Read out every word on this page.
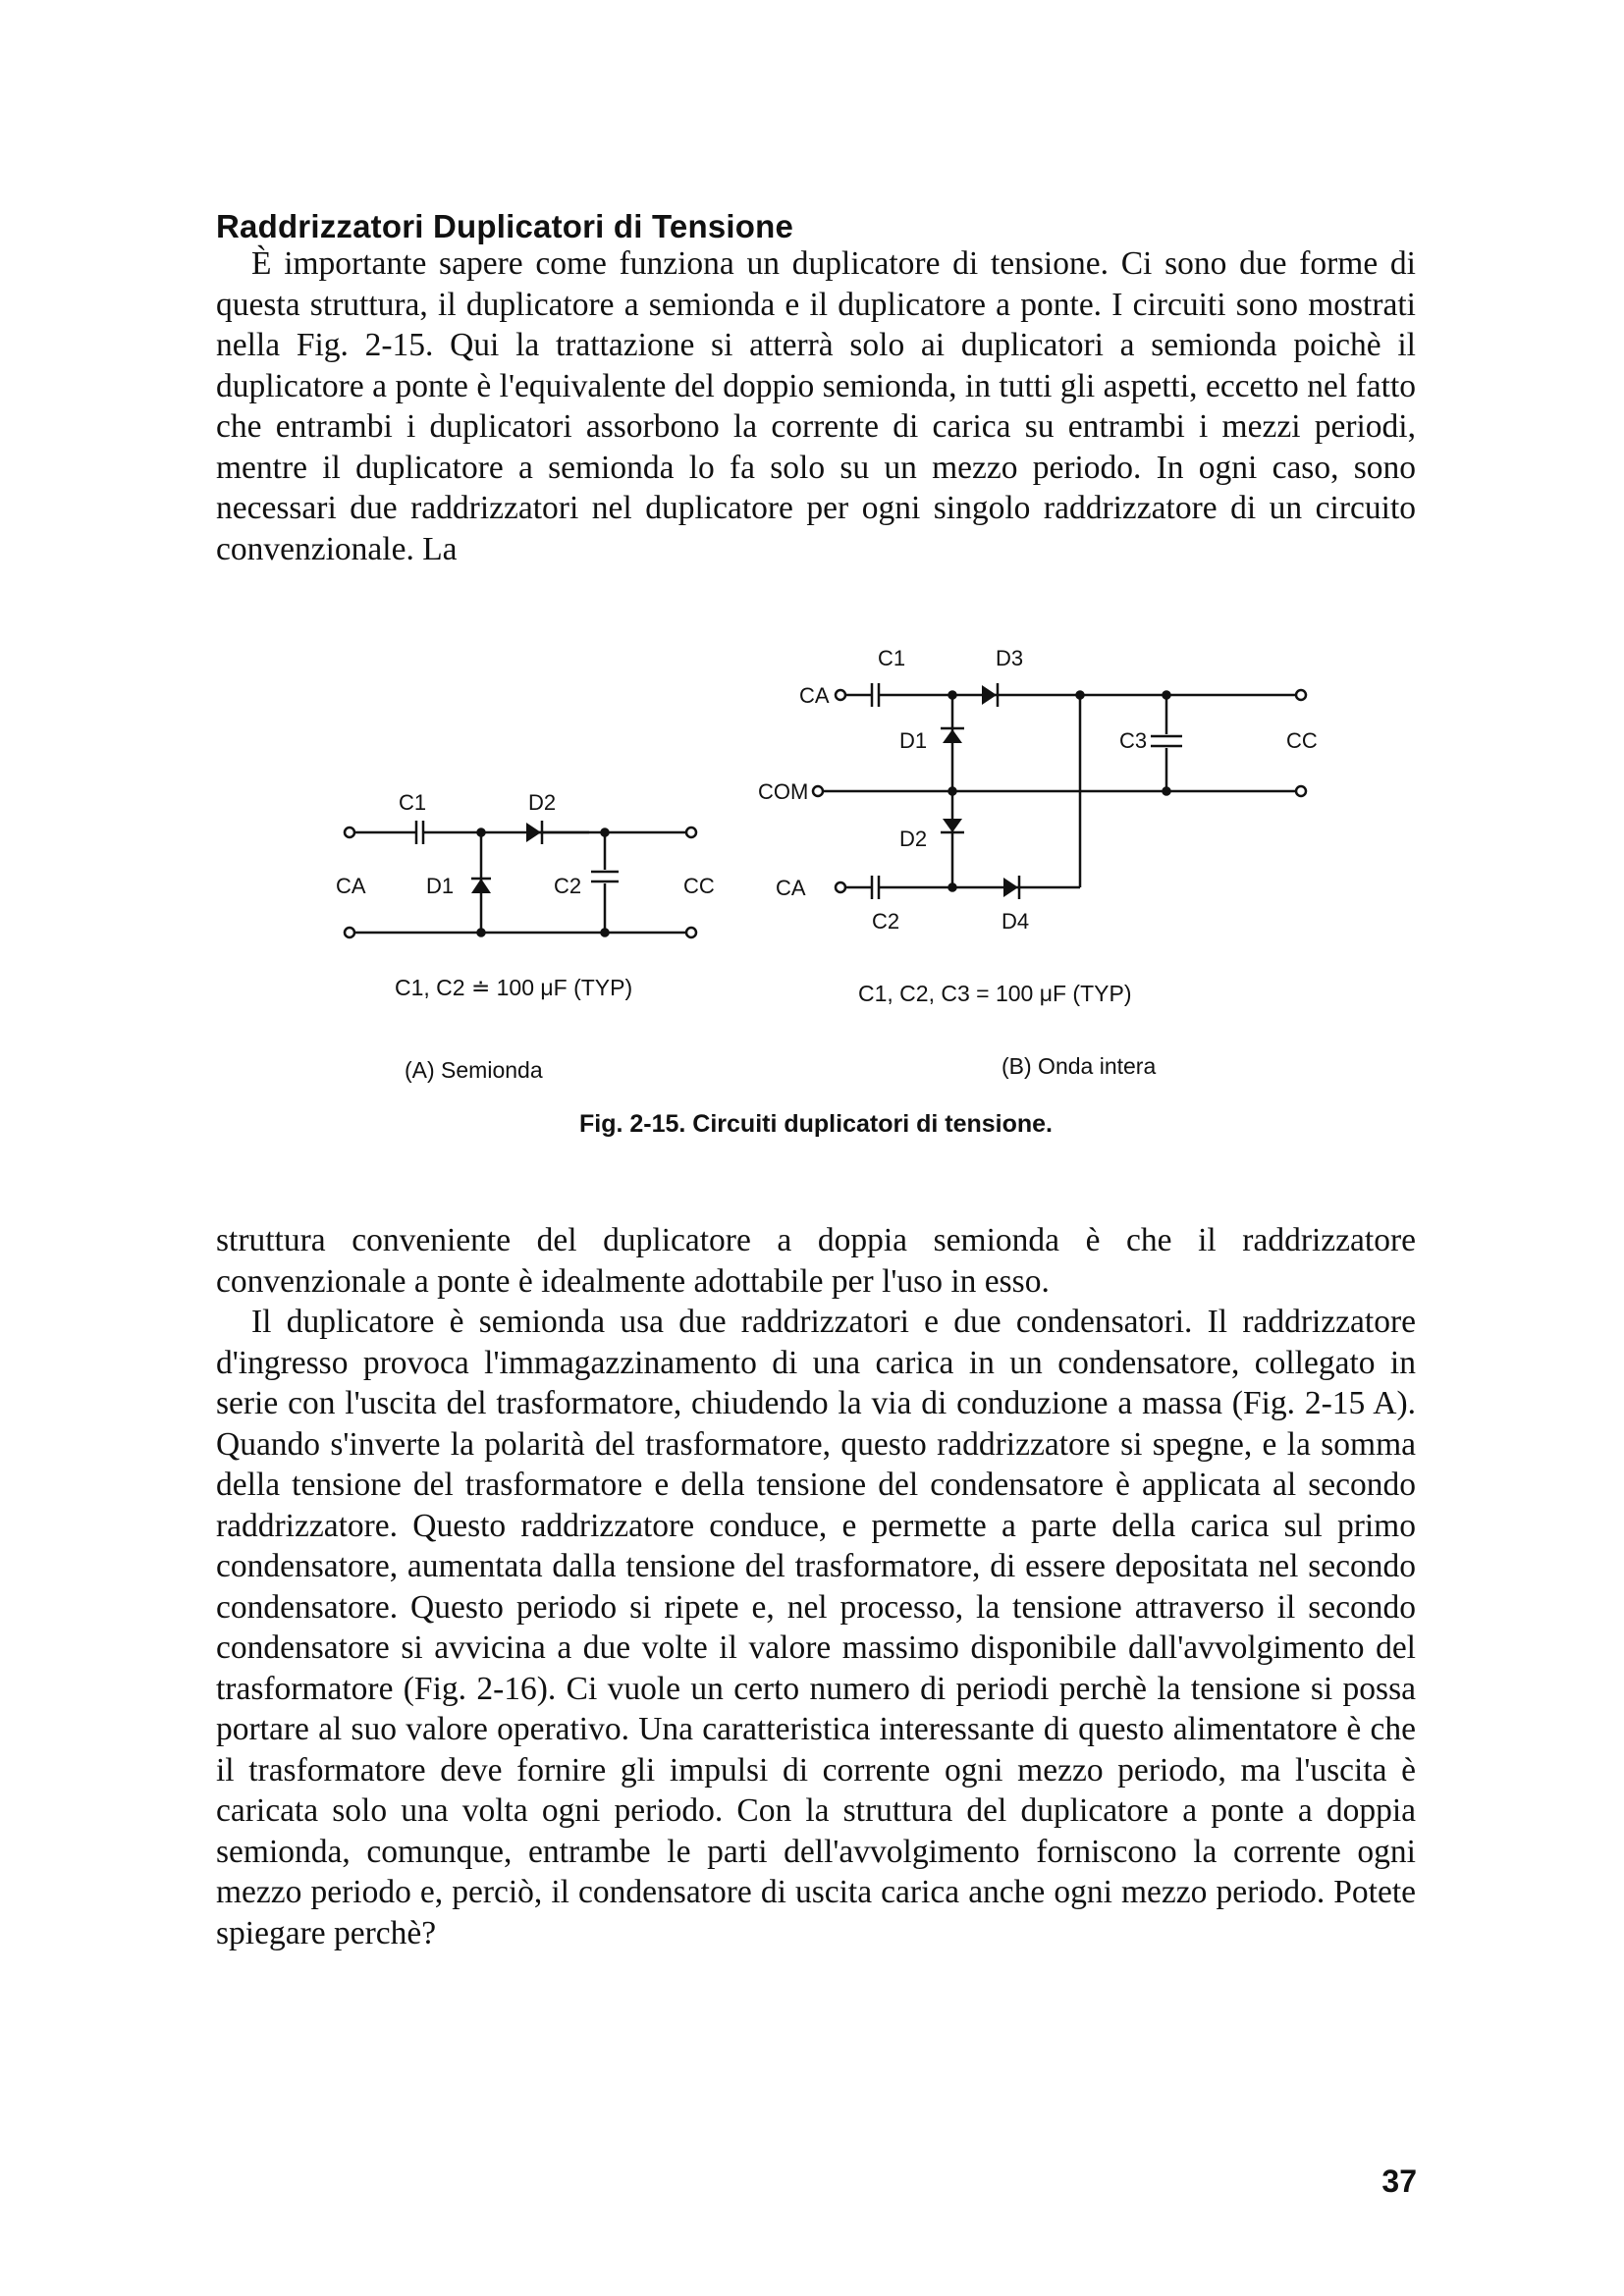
Raddrizzatori Duplicatori di Tensione

È importante sapere come funziona un duplicatore di tensione. Ci sono due forme di questa struttura, il duplicatore a semionda e il duplicatore a ponte. I circuiti sono mostrati nella Fig. 2-15. Qui la trattazione si atterrà solo ai duplicatori a semionda poichè il duplicatore a ponte è l'equivalente del doppio semionda, in tutti gli aspetti, eccetto nel fatto che entrambi i duplicatori assorbono la corrente di carica su entrambi i mezzi periodi, mentre il duplicatore a semionda lo fa solo su un mezzo periodo. In ogni caso, sono necessari due raddrizzatori nel duplicatore per ogni singolo raddrizzatore di un circuito convenzionale. La

C1	D2
CA	D1	C2	CC
C1, C2 ≐ 100 μF (TYP)
(A) Semionda
C1	D3
CA
D1	C3	CC
COM
D2
CA
C2	D4
C1, C2, C3 = 100 μF (TYP)
(B) Onda intera
Fig. 2-15. Circuiti duplicatori di tensione.

struttura conveniente del duplicatore a doppia semionda è che il raddrizzatore convenzionale a ponte è idealmente adottabile per l'uso in esso.

Il duplicatore è semionda usa due raddrizzatori e due condensatori. Il raddrizzatore d'ingresso provoca l'immagazzinamento di una carica in un condensatore, collegato in serie con l'uscita del trasformatore, chiudendo la via di conduzione a massa (Fig. 2-15 A). Quando s'inverte la polarità del trasformatore, questo raddrizzatore si spegne, e la somma della tensione del trasformatore e della tensione del condensatore è applicata al secondo raddrizzatore. Questo raddrizzatore conduce, e permette a parte della carica sul primo condensatore, aumentata dalla tensione del trasformatore, di essere depositata nel secondo condensatore. Questo periodo si ripete e, nel processo, la tensione attraverso il secondo condensatore si avvicina a due volte il valore massimo disponibile dall'avvolgimento del trasformatore (Fig. 2-16). Ci vuole un certo numero di periodi perchè la tensione si possa portare al suo valore operativo. Una caratteristica interessante di questo alimentatore è che il trasformatore deve fornire gli impulsi di corrente ogni mezzo periodo, ma l'uscita è caricata solo una volta ogni periodo. Con la struttura del duplicatore a ponte a doppia semionda, comunque, entrambe le parti dell'avvolgimento forniscono la corrente ogni mezzo periodo e, perciò, il condensatore di uscita carica anche ogni mezzo periodo. Potete spiegare perchè?

37
